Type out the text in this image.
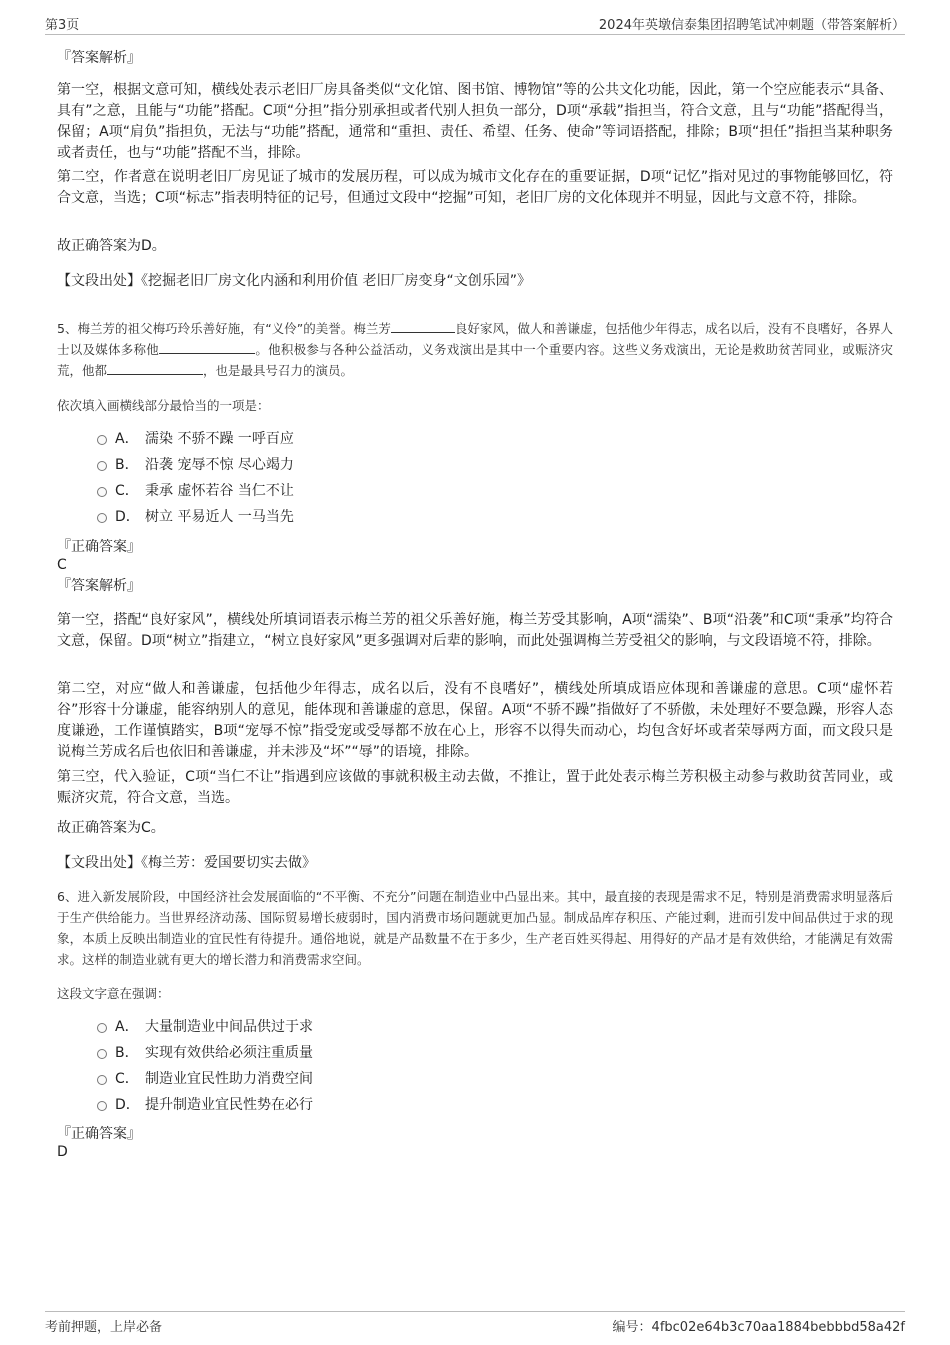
第3页	2024年英墩信泰集团招聘笔试冲刺题（带答案解析）
『答案解析』
第一空，根据文意可知，横线处表示老旧厂房具备类似“文化馆、图书馆、博物馆”等的公共文化功能，因此，第一个空应能表示“具备、具有”之意，且能与“功能”搭配。C项“分担”指分别承担或者代别人担负一部分，D项“承载”指担当，符合文意，且与“功能”搭配得当，保留；A项“肩负”指担负，无法与“功能”搭配，通常和“重担、责任、希望、任务、使命”等词语搭配，排除；B项“担任”指担当某种职务或者责任，也与“功能”搭配不当，排除。
第二空，作者意在说明老旧厂房见证了城市的发展历程，可以成为城市文化存在的重要证据，D项“记忆”指对见过的事物能够回忆，符合文意，当选；C项“标志”指表明特征的记号，但通过文段中“挖掘”可知，老旧厂房的文化体现并不明显，因此与文意不符，排除。
故正确答案为D。
【文段出处】《挖掘老旧厂房文化内涵和利用价值 老旧厂房变身“文创乐园”》
5、梅兰芳的祖父梅巧玲乐善好施，有“义伶”的美誉。梅兰芳	良好家风，做人和善谦虚，包括他少年得志，成名以后，没有不良嗜好，各界人士以及媒体多称他	。他积极参与各种公益活动，义务戏演出是其中一个重要内容。这些义务戏演出，无论是救助贫苦同业，或赈济灾荒，他都	，也是最具号召力的演员。
依次填入画横线部分最恰当的一项是：
A． 濡染 不骄不躁 一呼百应
B． 沿袭 宠辱不惊 尽心竭力
C． 秉承 虚怀若谷 当仁不让
D． 树立 平易近人 一马当先
『正确答案』
C
『答案解析』
第一空，搭配“良好家风”，横线处所填词语表示梅兰芳的祖父乐善好施，梅兰芳受其影响，A项“濡染”、B项“沿袭”和C项“秉承”均符合文意，保留。D项“树立”指建立，“树立良好家风”更多强调对后辈的影响，而此处强调梅兰芳受祖父的影响，与文段语境不符，排除。
第二空，对应“做人和善谦虚，包括他少年得志，成名以后，没有不良嗜好”，横线处所填成语应体现和善谦虚的意思。C项“虚怀若谷”形容十分谦虚，能容纳别人的意见，能体现和善谦虚的意思，保留。A项“不骄不躁”指做好了不骄傲，未处理好不要急躁，形容人态度谦逊，工作谨慎踏实，B项“宠辱不惊”指受宠或受辱都不放在心上，形容不以得失而动心，均包含好坏或者荣辱两方面，而文段只是说梅兰芳成名后也依旧和善谦虚，并未涉及“坏”“辱”的语境，排除。
第三空，代入验证，C项“当仁不让”指遇到应该做的事就积极主动去做，不推让，置于此处表示梅兰芳积极主动参与救助贫苦同业，或赈济灾荒，符合文意，当选。
故正确答案为C。
【文段出处】《梅兰芳：爱国要切实去做》
6、进入新发展阶段，中国经济社会发展面临的“不平衡、不充分”问题在制造业中凸显出来。其中，最直接的表现是需求不足，特别是消费需求明显落后于生产供给能力。当世界经济动荡、国际贸易增长疲弱时，国内消费市场问题就更加凸显。制成品库存积压、产能过剩，进而引发中间品供过于求的现象，本质上反映出制造业的宜民性有待提升。通俗地说，就是产品数量不在于多少，生产老百姓买得起、用得好的产品才是有效供给，才能满足有效需求。这样的制造业就有更大的增长潜力和消费需求空间。
这段文字意在强调：
A． 大量制造业中间品供过于求
B． 实现有效供给必须注重质量
C． 制造业宜民性助力消费空间
D． 提升制造业宜民性势在必行
『正确答案』
D
考前押题，上岸必备	编号：4fbc02e64b3c70aa1884bebbbd58a42f
